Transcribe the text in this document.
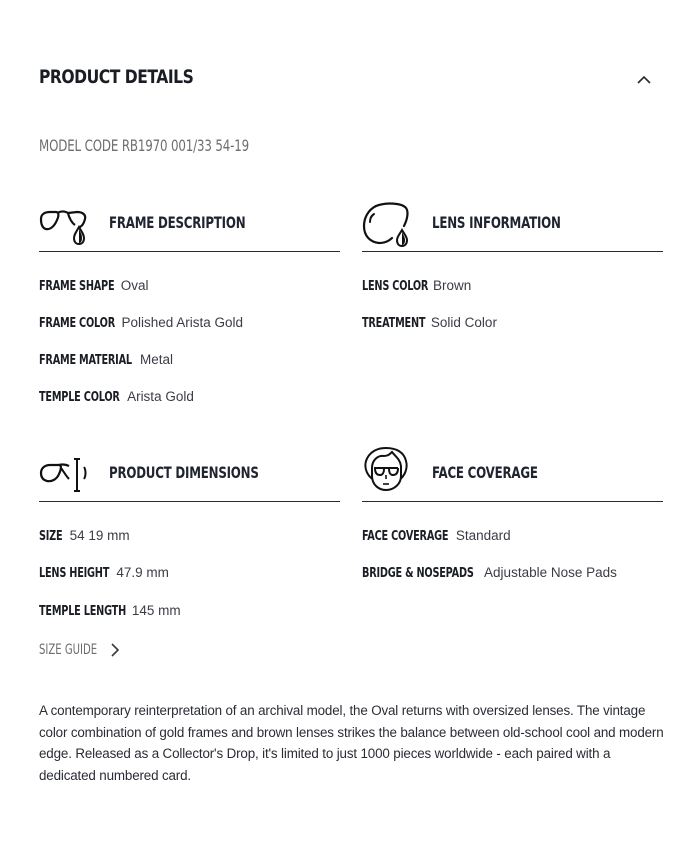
PRODUCT DETAILS
MODEL CODE RB1970 001/33 54-19
FRAME DESCRIPTION
FRAME SHAPE Oval
FRAME COLOR Polished Arista Gold
FRAME MATERIAL Metal
TEMPLE COLOR Arista Gold
LENS INFORMATION
LENS COLOR Brown
TREATMENT Solid Color
PRODUCT DIMENSIONS
SIZE 54 19 mm
LENS HEIGHT 47.9 mm
TEMPLE LENGTH 145 mm
SIZE GUIDE
FACE COVERAGE
FACE COVERAGE Standard
BRIDGE & NOSEPADS Adjustable Nose Pads

A contemporary reinterpretation of an archival model, the Oval returns with oversized lenses. The vintage color combination of gold frames and brown lenses strikes the balance between old-school cool and modern edge. Released as a Collector's Drop, it's limited to just 1000 pieces worldwide - each paired with a dedicated numbered card.
